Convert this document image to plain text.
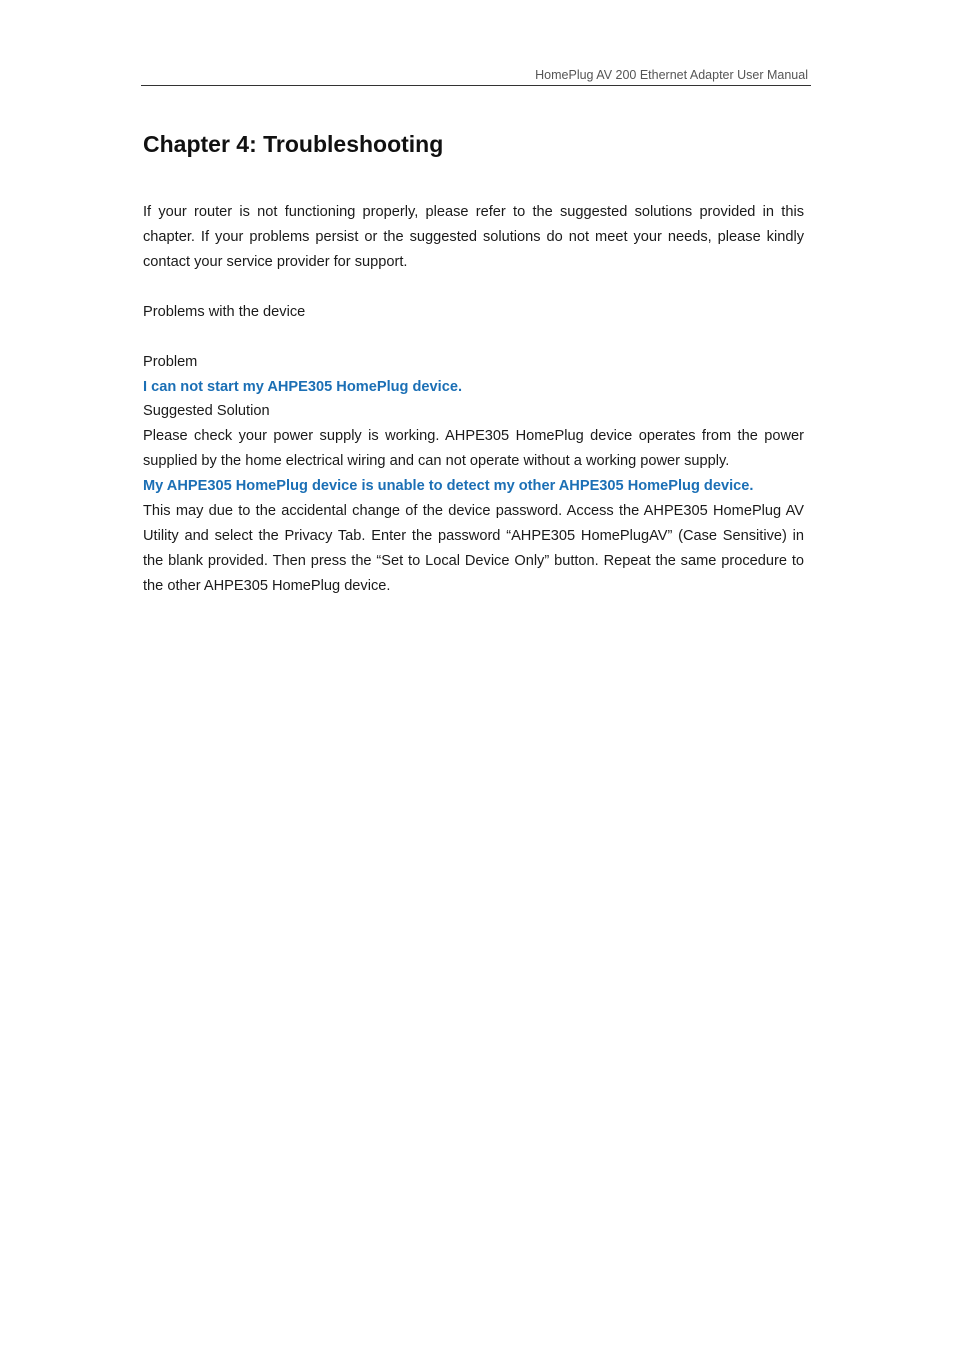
HomePlug AV 200 Ethernet Adapter User Manual
Chapter 4: Troubleshooting

If your router is not functioning properly, please refer to the suggested solutions provided in this chapter. If your problems persist or the suggested solutions do not meet your needs, please kindly contact your service provider for support.

Problems with the device

Problem

I can not start my AHPE305 HomePlug device.

Suggested Solution

Please check your power supply is working. AHPE305 HomePlug device operates from the power supplied by the home electrical wiring and can not operate without a working power supply.

My AHPE305 HomePlug device is unable to detect my other AHPE305 HomePlug device.

This may due to the accidental change of the device password. Access the AHPE305 HomePlug AV Utility and select the Privacy Tab. Enter the password “AHPE305 HomePlugAV” (Case Sensitive) in the blank provided. Then press the “Set to Local Device Only” button. Repeat the same procedure to the other AHPE305 HomePlug device.
